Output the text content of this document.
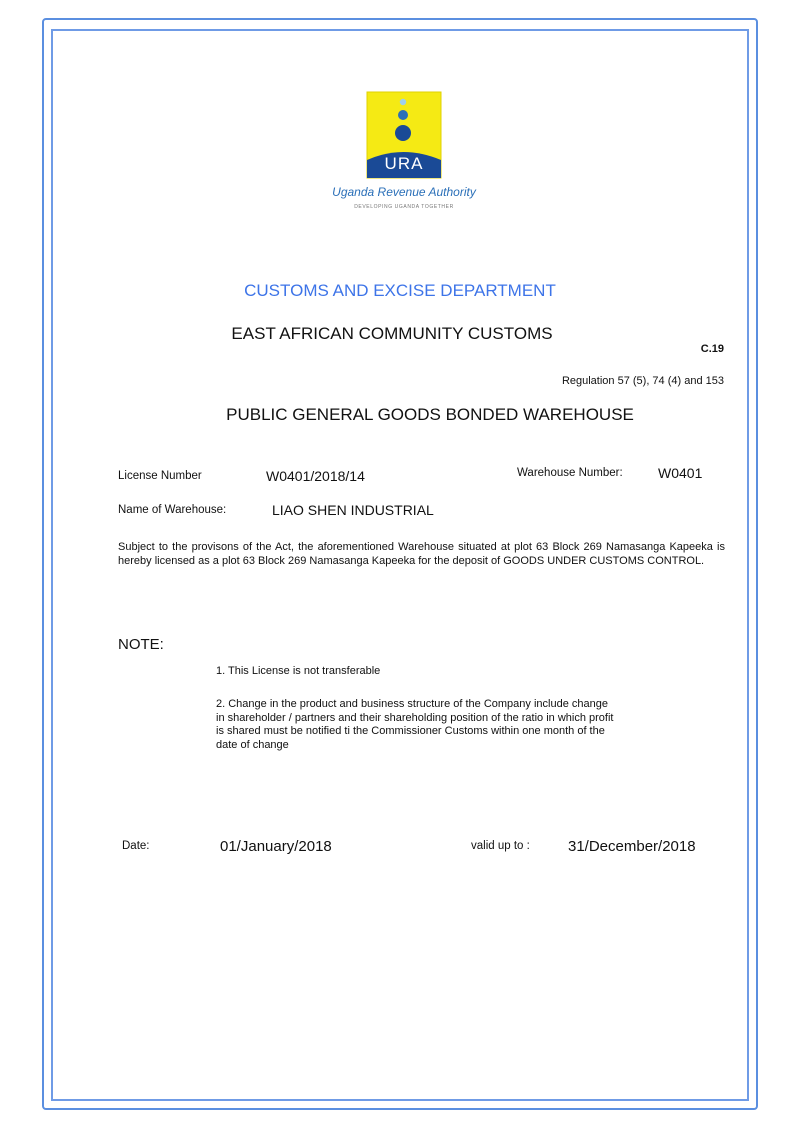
URA
Uganda Revenue Authority
DEVELOPING UGANDA TOGETHER
CUSTOMS AND EXCISE DEPARTMENT
EAST AFRICAN COMMUNITY CUSTOMS
C.19
Regulation 57 (5), 74 (4) and 153
PUBLIC GENERAL GOODS BONDED WAREHOUSE
License Number	W0401/2018/14	Warehouse Number:	W0401
Name of Warehouse:	LIAO SHEN INDUSTRIAL
Subject to the provisons of the Act, the aforementioned Warehouse situated at plot 63 Block 269 Namasanga Kapeeka is hereby licensed as a plot 63 Block 269 Namasanga Kapeeka for the deposit of GOODS UNDER CUSTOMS CONTROL.
NOTE:
1. This License is not transferable
2. Change in the product and business structure of the Company include change in shareholder / partners and their shareholding position of the ratio in which profit is shared must be notified ti the Commissioner Customs within one month of the date of change
Date:	01/January/2018	valid up to :	31/December/2018
